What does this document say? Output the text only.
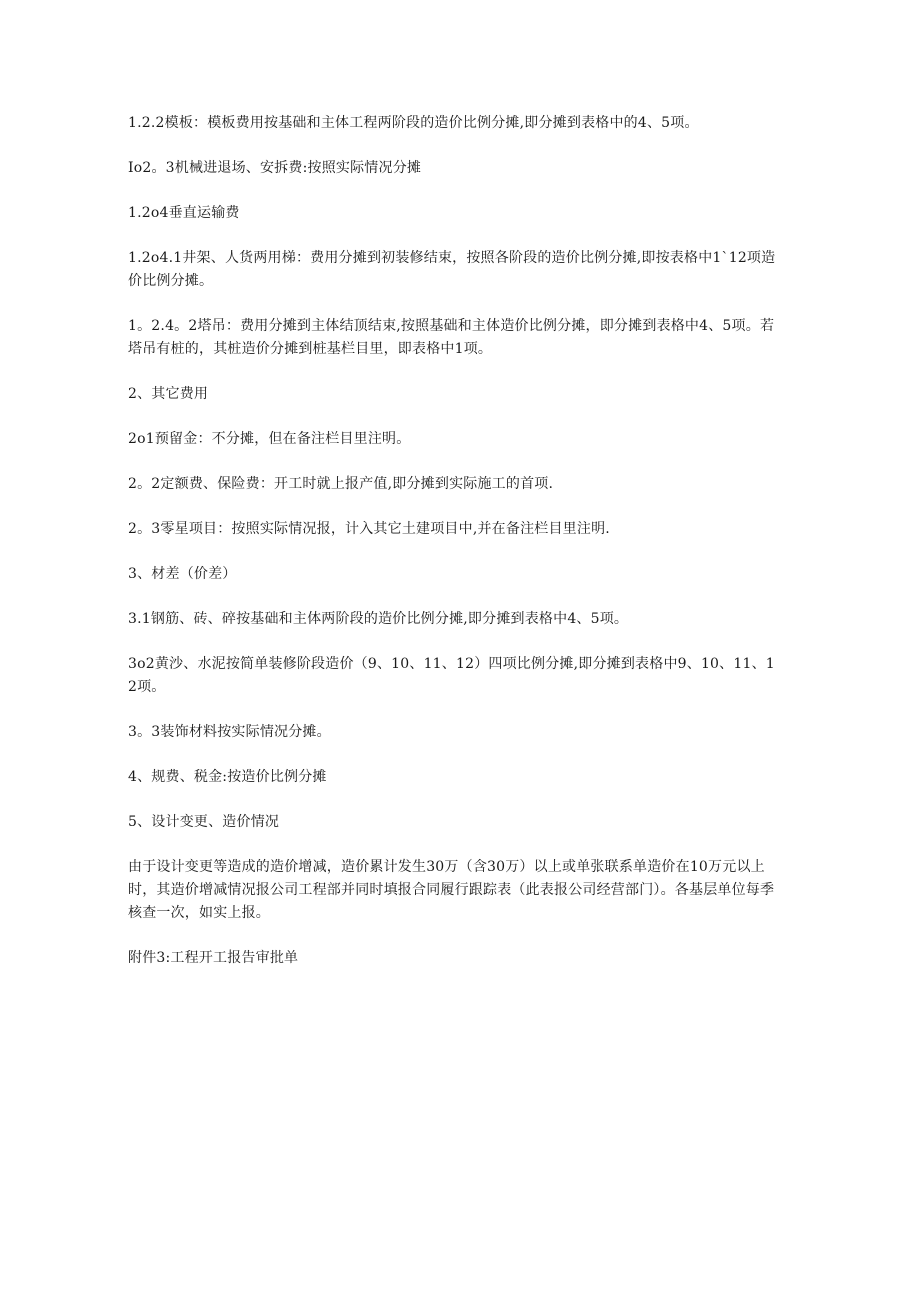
1.2.2模板：模板费用按基础和主体工程两阶段的造价比例分摊,即分摊到表格中的4、5项。

Io2。3机械进退场、安拆费:按照实际情况分摊

1.2o4垂直运输费

1.2o4.1井架、人货两用梯：费用分摊到初装修结束，按照各阶段的造价比例分摊,即按表格中1`12项造价比例分摊。

1。2.4。2塔吊：费用分摊到主体结顶结束,按照基础和主体造价比例分摊，即分摊到表格中4、5项。若塔吊有桩的，其桩造价分摊到桩基栏目里，即表格中1项。

2、其它费用

2o1预留金：不分摊，但在备注栏目里注明。

2。2定额费、保险费：开工时就上报产值,即分摊到实际施工的首项.

2。3零星项目：按照实际情况报，计入其它土建项目中,并在备注栏目里注明.

3、材差（价差）

3.1钢筋、砖、碎按基础和主体两阶段的造价比例分摊,即分摊到表格中4、5项。

3o2黄沙、水泥按简单装修阶段造价（9、10、11、12）四项比例分摊,即分摊到表格中9、10、11、12项。

3。3装饰材料按实际情况分摊。

4、规费、税金:按造价比例分摊

5、设计变更、造价情况

由于设计变更等造成的造价增减，造价累计发生30万（含30万）以上或单张联系单造价在10万元以上时，其造价增减情况报公司工程部并同时填报合同履行跟踪表（此表报公司经营部门）。各基层单位每季核查一次，如实上报。

附件3:工程开工报告审批单
